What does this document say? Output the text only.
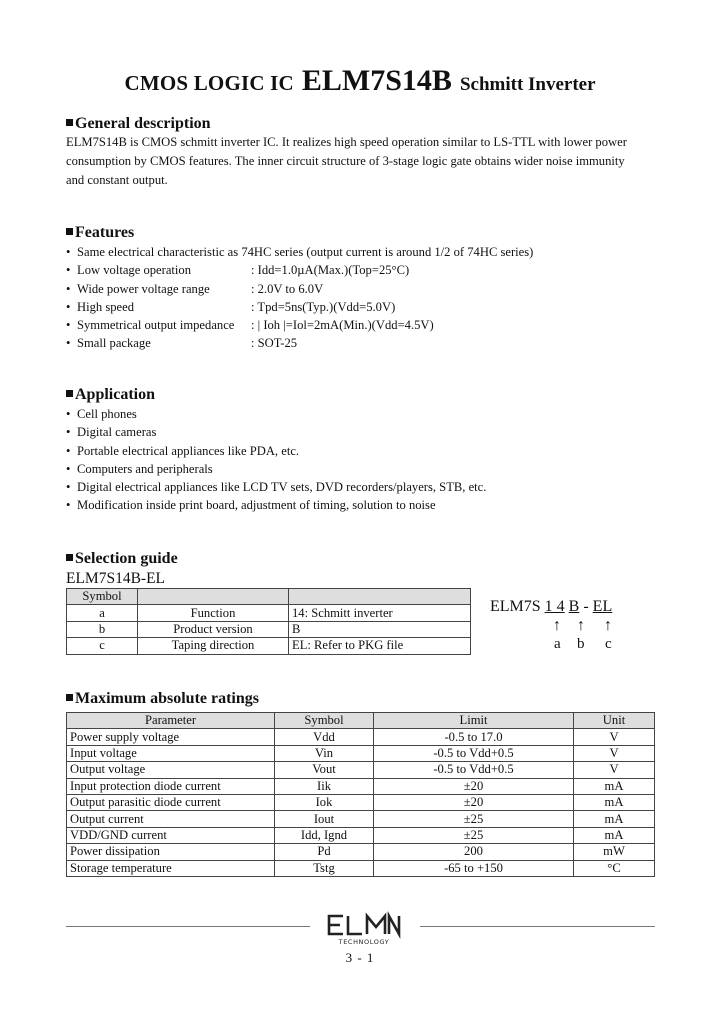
CMOS LOGIC IC ELM7S14B Schmitt Inverter
General description
ELM7S14B is CMOS schmitt inverter IC. It realizes high speed operation similar to LS-TTL with lower power
consumption by CMOS features. The inner circuit structure of 3-stage logic gate obtains wider noise immunity
and constant output.
Features
• Same electrical characteristic as 74HC series (output current is around 1/2 of 74HC series)
• Low voltage operation	: Idd=1.0µA(Max.)(Top=25°C)
• Wide power voltage range	: 2.0V to 6.0V
• High speed	: Tpd=5ns(Typ.)(Vdd=5.0V)
• Symmetrical output impedance	: | Ioh |=Iol=2mA(Min.)(Vdd=4.5V)
• Small package	: SOT-25
Application
• Cell phones
• Digital cameras
• Portable electrical appliances like PDA, etc.
• Computers and peripherals
• Digital electrical appliances like LCD TV sets, DVD recorders/players, STB, etc.
• Modification inside print board, adjustment of timing, solution to noise
Selection guide
ELM7S14B-EL
Symbol		
a	Function	14: Schmitt inverter
b	Product version	B
c	Taping direction	EL: Refer to PKG file
ELM7S 1 4 B - EL
↑ ↑ ↑
a b c
Maximum absolute ratings
Parameter	Symbol	Limit	Unit
Power supply voltage	Vdd	-0.5 to 17.0	V
Input voltage	Vin	-0.5 to Vdd+0.5	V
Output voltage	Vout	-0.5 to Vdd+0.5	V
Input protection diode current	Iik	±20	mA
Output parasitic diode current	Iok	±20	mA
Output current	Iout	±25	mA
VDD/GND current	Idd, Ignd	±25	mA
Power dissipation	Pd	200	mW
Storage temperature	Tstg	-65 to +150	°C
TECHNOLOGY
3 - 1
